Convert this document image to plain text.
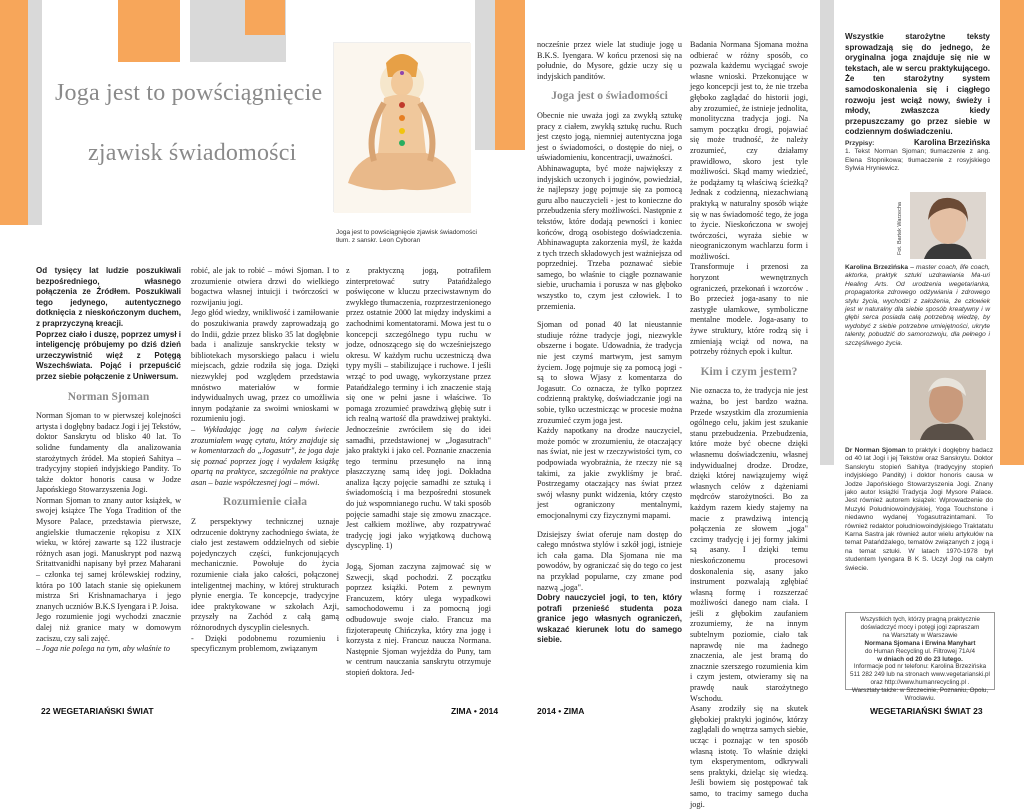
Joga jest to powściągnięcie
zjawisk świadomości
Joga jest to powściągnięcie zjawisk świadomości tłum. z sanskr. Leon Cyboran

Od tysięcy lat ludzie poszukiwali bezpośredniego, własnego połączenia ze Źródłem. Poszukiwali tego jedynego, autentycznego dotknięcia z nieskończonym duchem, z praprzyczyną kreacji.

Poprzez ciało i duszę, poprzez umysł i inteligencję próbujemy po dziś dzień urzeczywistnić więź z Potęgą Wszechświata. Pojąć i przepuścić przez siebie połączenie z Uniwersum.

Norman Sjoman

Norman Sjoman to w pierwszej kolejności artysta i dogłębny badacz Jogi i jej Tekstów, doktor Sanskrytu od blisko 40 lat. To solidne fundamenty dla analizowania starożytnych źródeł. Ma stopień Sahitya – tradycyjny stopień indyjskiego Pandity. To także doktor honoris causa w Jodze Japońskiego Stowarzyszenia Jogi.

Norman Sjoman to znany autor książek, w swojej książce The Yoga Tradition of the Mysore Palace, przedstawia pierwsze, angielskie tłumaczenie rękopisu z XIX wieku, w której zawarte są 122 ilustracje różnych asan jogi. Manuskrypt pod nazwą Sritattvanidhi napisany był przez Maharani – członka tej samej królewskiej rodziny, która po 100 latach stanie się opiekunem mistrza Sri Krishnamacharya i jego znanych uczniów B.K.S Iyengara i P. Joisa.

Jego rozumienie jogi wychodzi znacznie dalej niż granice maty w domowym zaciszu, czy sali zajęć.

– Joga nie polega na tym, aby właśnie to

robić, ale jak to robić – mówi Sjoman. I to zrozumienie otwiera drzwi do wielkiego bogactwa własnej intuicji i twórczości w rozwijaniu jogi.

Jego głód wiedzy, wnikliwość i zamiłowanie do poszukiwania prawdy zaprowadzają go do Indii, gdzie przez blisko 35 lat dogłębnie bada i analizuje sanskryckie teksty w bibliotekach mysorskiego pałacu i wielu miejscach, gdzie rodziła się joga. Dzięki niezwykłej pod względem przedstawia mnóstwo materiałów w formie indywidualnych uwag, przez co umożliwia innym podążanie za swoimi wnioskami w rozumieniu jogi.

– Wykładając jogę na całym świecie zrozumiałem wagę cytatu, który znajduje się w komentarzach do „Jogasutr", że joga daje się poznać poprzez jogę i wydałem książkę opartą na praktyce, szczególnie na praktyce asan – bazie współczesnej jogi – mówi.

Rozumienie ciała

Z perspektywy technicznej uznaje odrzucenie doktryny zachodniego świata, że ciało jest zestawem oddzielnych od siebie pojedynczych części, funkcjonujących mechanicznie. Powołuje do życia rozumienie ciała jako całości, połączonej inteligentnej machiny, w której strukturach płynie energia. Te koncepcje, tradycyjne idee praktykowane w szkołach Azji, przyszły na Zachód z całą gamą różnorodnych dyscyplin cielesnych.

- Dzięki podobnemu rozumieniu i specyficznym problemom, związanym

z praktyczną jogą, potrafiłem zinterpretować sutry Patańdżalego poświęcone w kluczu przeciwstawnym do zwykłego tłumaczenia, rozprzestrzenionego przez ostatnie 2000 lat między indyskimi a zachodnimi komentatorami. Mowa jest tu o koncepcji szczególnego typu ruchu w jodze, odnoszącego się do wcześniejszego okresu. W każdym ruchu uczestniczą dwa typy myśli – stabilizujące i ruchowe. I jeśli wrząć to pod uwagę, wykorzystane przez Patańdżalego terminy i ich znaczenie stają się one w pełni jasne i właściwe. To pomaga zrozumieć prawdziwą głębię sutr i ich realną wartość dla prawdziwej praktyki. Jednocześnie zwróciłem się do idei samadhi, przedstawionej w „Jogasutrach" jako praktyki i jako cel. Poznanie znaczenia tego terminu przesunęło na inną płaszczyznę samą ideę jogi. Dokładna analiza łączy pojęcie samadhi ze sztuką i świadomością i ma bezpośredni stosunek do już wspomnianego ruchu. W taki sposób pojęcie samadhi staje się zmowu znaczące. Jest całkiem możliwe, aby rozpatrywać tradycję jogi jako wyjątkową duchową dyscyplinę. 1)

Jogą, Sjoman zaczyna zajmować się w Szwecji, skąd pochodzi. Z początku poprzez książki. Potem z pewnym Francuzem, który ulega wypadkowi samochodowemu i za pomocną jogi odbudowuje swoje ciało. Francuz ma fizjoterapeutę Chińczyka, który zna jogę i korzysta z niej. Francuz naucza Normana. Następnie Sjoman wyjeżdża do Puny, tam w centrum nauczania sanskrytu otrzymuje stopień doktora. Jed-

nocześnie przez wiele lat studiuje jogę u B.K.S. Iyengara. W końcu przenosi się na południe, do Mysore, gdzie uczy się u indyjskich panditów.

Joga jest o świadomości

Obecnie nie uważa jogi za zwykłą sztukę pracy z ciałem, zwykłą sztukę ruchu. Ruch jest często jogą, niemniej autentyczna joga jest o świadomości, o dostępie do niej, o uświadomieniu, koncentracji, uważności.

Abhinawagupta, być może największy z indyjskich uczonych i joginów, powiedział, że najlepszy jogę pojmuje się za pomocą guru albo nauczycieli - jest to konieczne do przebudzenia sfery możliwości. Następnie z tekstów, które dodają pewności i koniec końców, drogą osobistego doświadczenia. Abhinawagupta zakorzenia myśl, że każda z tych trzech składowych jest ważniejsza od poprzedniej. Trzeba poznawać siebie samego, bo właśnie to ciągłe poznawanie siebie, uruchamia i porusza w nas głęboko wszystko to, czym jest człowiek. I to przemienia.

Sjoman od ponad 40 lat nieustannie studiuje różne tradycje jogi, niezwykle obszerne i bogate. Udowadnia, że tradycja nie jest czymś martwym, jest samym życiem. Jogę pojmuje się za pomocą jogi - są to słowa Wjasy z komentarza do Jogasutr. Co oznacza, że tylko poprzez codzienną praktykę, doświadczanie jogi na sobie, tylko uczestnicząc w procesie można zrozumieć czym joga jest.

Każdy napotkany na drodze nauczyciel, może pomóc w zrozumieniu, że otaczający nas świat, nie jest w rzeczywistości tym, co podpowiada wyobrażnia, że rzeczy nie są takimi, za jakie zwykliśmy je brać. Postrzegamy otaczający nas świat przez swój własny punkt widzenia, który często jest ograniczony mentalnymi, emocjonalnymi czy fizycznymi mapami.

Dzisiejszy świat oferuje nam dostęp do całego mnóstwa stylów i szkół jogi, istnieje ich cała gama. Dla Sjomana nie ma powodów, by ograniczać się do tego co jest na przykład popularne, czy zmane pod nazwą „joga".

Dobry nauczyciel jogi, to ten, który potrafi przenieść studenta poza granice jego własnych ograniczeń, wskazać kierunek lotu do samego siebie.

Badania Normana Sjomana można odbierać w różny sposób, co pozwala każdemu wyciągać swoje własne wnioski. Przekonujące w jego koncepcji jest to, że nie trzeba głęboko zaglądać do historii jogi, aby zrozumieć, że istnieje jednolita, monolityczna tradycja jogi. Na samym początku drogi, pojawiać się może trudność, że należy zrozumieć, czy działamy prawidłowo, skoro jest tyle możliwości. Skąd mamy wiedzieć, że podążamy tą właściwą ścieżką? Jednak z codzienną, niezachwianą praktyką w naturalny sposób wiąże się w nas świadomość tego, że joga to życie. Nieskończona w swojej twórczości, wyraża siebie w nieograniczonym wachlarzu form i możliwości.

Transformuje i przenosi za horyzont wewnętrznych ograniczeń, przekonań i wzorców . Bo przecież joga-asany to nie zastygłe ułamkowe, symboliczne mentalne modele. Joga-asany to żywe struktury, które rodzą się i zmieniają wciąż od nowa, na potrzeby różnych epok i kultur.

Kim i czym jestem?

Nie oznacza to, że tradycja nie jest ważna, bo jest bardzo ważna. Przede wszystkim dla zrozumienia ogólnego celu, jakim jest szukanie stanu przebudzenia. Przebudzenia, które może być obecne dzięki własnemu doświadczeniu, własnej indywidualnej drodze. Drodze, dzięki której nawiązujemy więź własnych celów z dążeniami mędrców starożytności. Bo za każdym razem kiedy stajemy na macie z prawdziwą intencją połączenia ze słowem „joga" czcimy tradycję i jej formy jakimi są asany. I dzięki temu nieskończonemu procesowi doskonalenia się, asany jako instrument pozwalają zgłębiać własną formę i rozszerzać możliwości danego nam ciała. I jeśli z głębokim zaufaniem zrozumiemy, że na innym subtelnym poziomie, ciało tak naprawdę nie ma żadnego znaczenia, ale jest bramą do znacznie szerszego rozumienia kim i czym jestem, otwieramy się na prawdę nauk starożytnego Wschodu.

Asany zrodziły się na skutek głębokiej praktyki joginów, którzy zaglądali do wnętrza samych siebie, ucząc i poznając w ten sposób własną istotę. To właśnie dzięki tym eksperymentom, odkrywali sens praktyki, dzieląc się wiedzą. Jeśli bowiem się postępować tak samo, to tracimy samego ducha jogi.

Wszystkie starożytne teksty sprowadzają się do jednego, że oryginalna joga znajduje się nie w tekstach, ale w sercu praktykującego. Że ten starożytny system samodoskonalenia się i ciągłego rozwoju jest wciąż nowy, świeży i młody, zwłaszcza kiedy przepuszczamy go przez siebie w codziennym doświadczeniu.

Karolina Brzezińska

Przypisy:
1. Tekst Norman Sjoman; tłumaczenie z ang. Elena Stopnikowa; tłumaczenie z rosyjskiego Sylwia Hryniewicz.
Fot. Bartek Warzecha
Karolina Brzezińska – master coach, life coach, aktorka, praktyk sztuki uzdrawiania Ma-uri Healing Arts. Od urodzenia wegetarianka, propagatorka zdrowego odżywiania i zdrowego stylu życia, wychodzi z założenia, że człowiek jest w naturalny dla siebie sposób kreatywny i w głębi serca posiada całą potrzebną wiedzę, by wydobyć z siebie potrzebne umiejętności, ukryte talenty, pobudzić do samorozwoju, dla pełnego i szczęśliwego życia.
Dr Norman Sjoman to praktyk i dogłębny badacz od 40 lat Jogi i jej Tekstów oraz Sanskrytu. Doktor Sanskrytu stopień Sahitya (tradycyjny stopień indyjskiego Pandity) i doktor honoris causa w Jodze Japońskiego Stowarzyszenia Jogi. Znany jako autor książki Tradycja Jogi Mysore Palace. Jest również autorem książek: Wprowadzenie do Muzyki Południowoindyjskiej, Yoga Touchstone i niedawno wydanej Yogasutrazintamani. To również redaktor południowoindyjskiego Traktatatu Karna Sastra jak również autor wielu artykułów na temat Patańdżalego, tematów związanych z jogą i na temat sztuki. W latach 1970-1978 był studentem Iyengara B K S. Uczył Jogi na całym świecie.
Wszystkich tych, którzy pragną praktycznie doświadczyć mocy i potęgi jogi zapraszam
na Warsztaty w Warszawie
Normana Sjomana i Erwina Manyhart
do Human Recycling ul. Filtrowej 71A/4
w dniach od 20 do 23 lutego.
Informacje pod nr telefonu: Karolina Brzezińska 511 282 249 lub na stronach www.vegetarianski.pl oraz http://www.humanrecycling.pl .
Warsztaty także: w Szczecinie, Poznaniu, Opolu, Wrocławiu.
22 WEGETARIAŃSKI ŚWIAT	ZIMA • 2014	2014 • ZIMA	WEGETARIAŃSKI ŚWIAT 23
